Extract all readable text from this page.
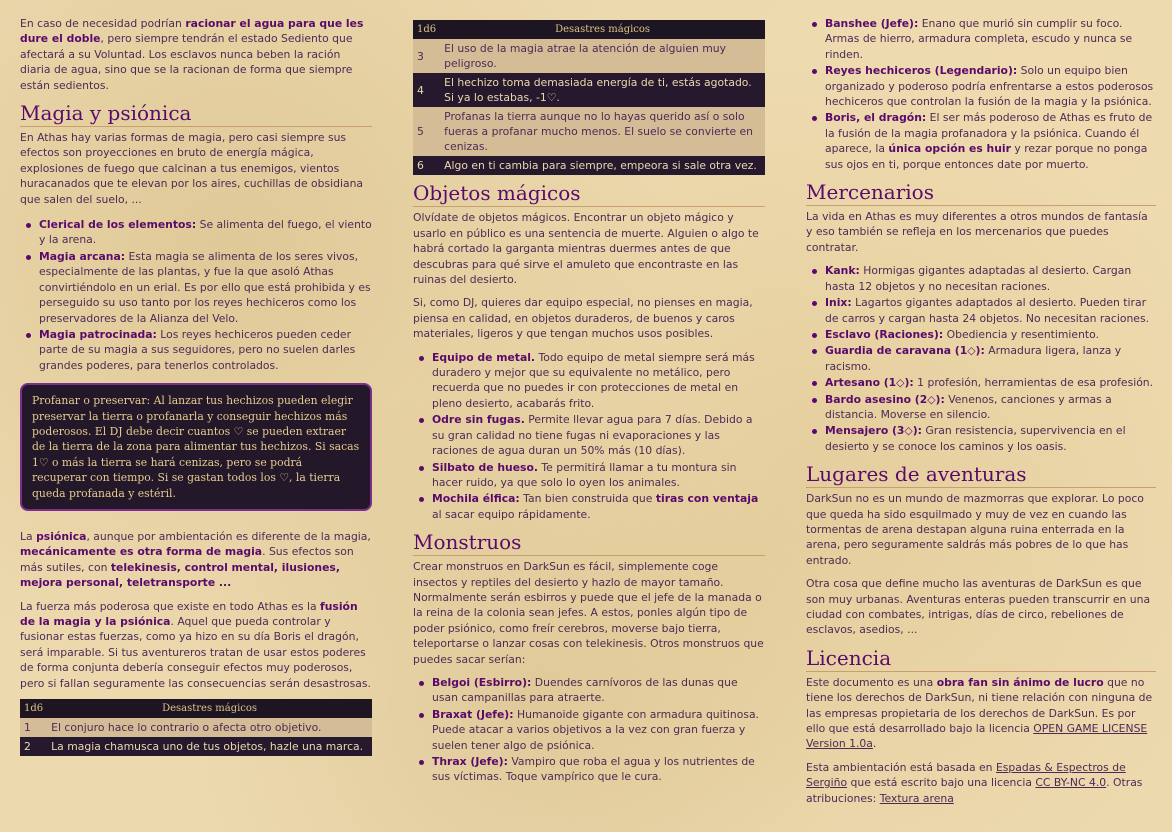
En caso de necesidad podrían racionar el agua para que les dure el doble, pero siempre tendrán el estado Sediento que afectará a su Voluntad. Los esclavos nunca beben la ración diaria de agua, sino que se la racionan de forma que siempre están sedientos.

Magia y psiónica

En Athas hay varias formas de magia, pero casi siempre sus efectos son proyecciones en bruto de energía mágica, explosiones de fuego que calcinan a tus enemigos, vientos huracanados que te elevan por los aires, cuchillas de obsidiana que salen del suelo, ...

Clerical de los elementos: Se alimenta del fuego, el viento y la arena.
Magia arcana: Esta magia se alimenta de los seres vivos, especialmente de las plantas, y fue la que asoló Athas convirtiéndolo en un erial. Es por ello que está prohibida y es perseguido su uso tanto por los reyes hechiceros como los preservadores de la Alianza del Velo.
Magia patrocinada: Los reyes hechiceros pueden ceder parte de su magia a sus seguidores, pero no suelen darles grandes poderes, para tenerlos controlados.
Profanar o preservar: Al lanzar tus hechizos pueden elegir preservar la tierra o profanarla y conseguir hechizos más poderosos. El DJ debe decir cuantos ♡ se pueden extraer de la tierra de la zona para alimentar tus hechizos. Si sacas 1♡ o más la tierra se hará cenizas, pero se podrá recuperar con tiempo. Si se gastan todos los ♡, la tierra queda profanada y estéril.

La psiónica, aunque por ambientación es diferente de la magia, mecánicamente es otra forma de magia. Sus efectos son más sutiles, con telekinesis, control mental, ilusiones, mejora personal, teletransporte ...

La fuerza más poderosa que existe en todo Athas es la fusión de la magia y la psiónica. Aquel que pueda controlar y fusionar estas fuerzas, como ya hizo en su día Boris el dragón, será imparable. Si tus aventureros tratan de usar estos poderes de forma conjunta debería conseguir efectos muy poderosos, pero si fallan seguramente las consecuencias serán desastrosas.

1d6	Desastres mágicos
1	El conjuro hace lo contrario o afecta otro objetivo.
2	La magia chamusca uno de tus objetos, hazle una marca.
1d6	Desastres mágicos
3	El uso de la magia atrae la atención de alguien muy peligroso.
4	El hechizo toma demasiada energía de ti, estás agotado. Si ya lo estabas, -1♡.
5	Profanas la tierra aunque no lo hayas querido así o solo fueras a profanar mucho menos. El suelo se convierte en cenizas.
6	Algo en ti cambia para siempre, empeora si sale otra vez.
Objetos mágicos

Olvídate de objetos mágicos. Encontrar un objeto mágico y usarlo en público es una sentencia de muerte. Alguien o algo te habrá cortado la garganta mientras duermes antes de que descubras para qué sirve el amuleto que encontraste en las ruinas del desierto.

Si, como DJ, quieres dar equipo especial, no pienses en magia, piensa en calidad, en objetos duraderos, de buenos y caros materiales, ligeros y que tengan muchos usos posibles.

Equipo de metal. Todo equipo de metal siempre será más duradero y mejor que su equivalente no metálico, pero recuerda que no puedes ir con protecciones de metal en pleno desierto, acabarás frito.
Odre sin fugas. Permite llevar agua para 7 días. Debido a su gran calidad no tiene fugas ni evaporaciones y las raciones de agua duran un 50% más (10 días).
Silbato de hueso. Te permitirá llamar a tu montura sin hacer ruido, ya que solo lo oyen los animales.
Mochila élfica: Tan bien construida que tiras con ventaja al sacar equipo rápidamente.
Monstruos

Crear monstruos en DarkSun es fácil, simplemente coge insectos y reptiles del desierto y hazlo de mayor tamaño. Normalmente serán esbirros y puede que el jefe de la manada o la reina de la colonia sean jefes. A estos, ponles algún tipo de poder psiónico, como freír cerebros, moverse bajo tierra, teleportarse o lanzar cosas con telekinesis. Otros monstruos que puedes sacar serían:

Belgoi (Esbirro): Duendes carnívoros de las dunas que usan campanillas para atraerte.
Braxat (Jefe): Humanoide gigante con armadura quitinosa. Puede atacar a varios objetivos a la vez con gran fuerza y suelen tener algo de psiónica.
Thrax (Jefe): Vampiro que roba el agua y los nutrientes de sus víctimas. Toque vampírico que le cura.
Banshee (Jefe): Enano que murió sin cumplir su foco. Armas de hierro, armadura completa, escudo y nunca se rinden.
Reyes hechiceros (Legendario): Solo un equipo bien organizado y poderoso podría enfrentarse a estos poderosos hechiceros que controlan la fusión de la magia y la psiónica.
Boris, el dragón: El ser más poderoso de Athas es fruto de la fusión de la magia profanadora y la psiónica. Cuando él aparece, la única opción es huir y rezar porque no ponga sus ojos en ti, porque entonces date por muerto.
Mercenarios

La vida en Athas es muy diferentes a otros mundos de fantasía y eso también se refleja en los mercenarios que puedes contratar.

Kank: Hormigas gigantes adaptadas al desierto. Cargan hasta 12 objetos y no necesitan raciones.
Inix: Lagartos gigantes adaptados al desierto. Pueden tirar de carros y cargan hasta 24 objetos. No necesitan raciones.
Esclavo (Raciones): Obediencia y resentimiento.
Guardia de caravana (1◇): Armadura ligera, lanza y racismo.
Artesano (1◇): 1 profesión, herramientas de esa profesión.
Bardo asesino (2◇): Venenos, canciones y armas a distancia. Moverse en silencio.
Mensajero (3◇): Gran resistencia, supervivencia en el desierto y se conoce los caminos y los oasis.
Lugares de aventuras

DarkSun no es un mundo de mazmorras que explorar. Lo poco que queda ha sido esquilmado y muy de vez en cuando las tormentas de arena destapan alguna ruina enterrada en la arena, pero seguramente saldrás más pobres de lo que has entrado.

Otra cosa que define mucho las aventuras de DarkSun es que son muy urbanas. Aventuras enteras pueden transcurrir en una ciudad con combates, intrigas, días de circo, rebeliones de esclavos, asedios, ...

Licencia

Este documento es una obra fan sin ánimo de lucro que no tiene los derechos de DarkSun, ni tiene relación con ninguna de las empresas propietaria de los derechos de DarkSun. Es por ello que está desarrollado bajo la licencia OPEN GAME LICENSE Version 1.0a.

Esta ambientación está basada en Espadas & Espectros de Sergiño que está escrito bajo una licencia CC BY-NC 4.0. Otras atribuciones: Textura arena
